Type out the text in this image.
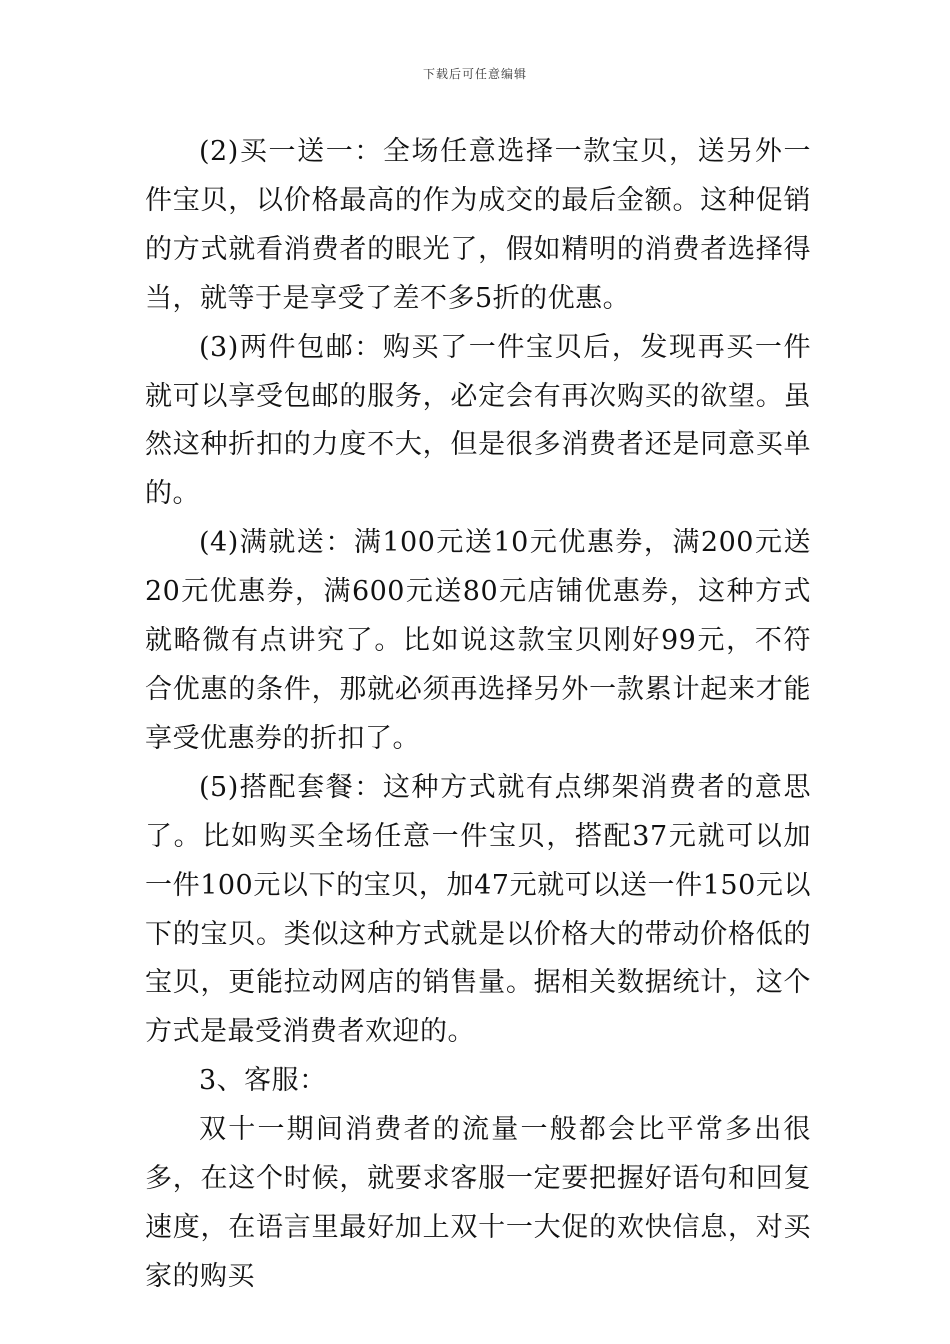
下载后可任意编辑

(2)买一送一：全场任意选择一款宝贝，送另外一件宝贝，以价格最高的作为成交的最后金额。这种促销的方式就看消费者的眼光了，假如精明的消费者选择得当，就等于是享受了差不多5折的优惠。

(3)两件包邮：购买了一件宝贝后，发现再买一件就可以享受包邮的服务，必定会有再次购买的欲望。虽然这种折扣的力度不大，但是很多消费者还是同意买单的。

(4)满就送：满100元送10元优惠券，满200元送20元优惠券，满600元送80元店铺优惠券，这种方式就略微有点讲究了。比如说这款宝贝刚好99元，不符合优惠的条件，那就必须再选择另外一款累计起来才能享受优惠券的折扣了。

(5)搭配套餐：这种方式就有点绑架消费者的意思了。比如购买全场任意一件宝贝，搭配37元就可以加一件100元以下的宝贝，加47元就可以送一件150元以下的宝贝。类似这种方式就是以价格大的带动价格低的宝贝，更能拉动网店的销售量。据相关数据统计，这个方式是最受消费者欢迎的。

3、客服：

双十一期间消费者的流量一般都会比平常多出很多，在这个时候，就要求客服一定要把握好语句和回复速度，在语言里最好加上双十一大促的欢快信息，对买家的购买
